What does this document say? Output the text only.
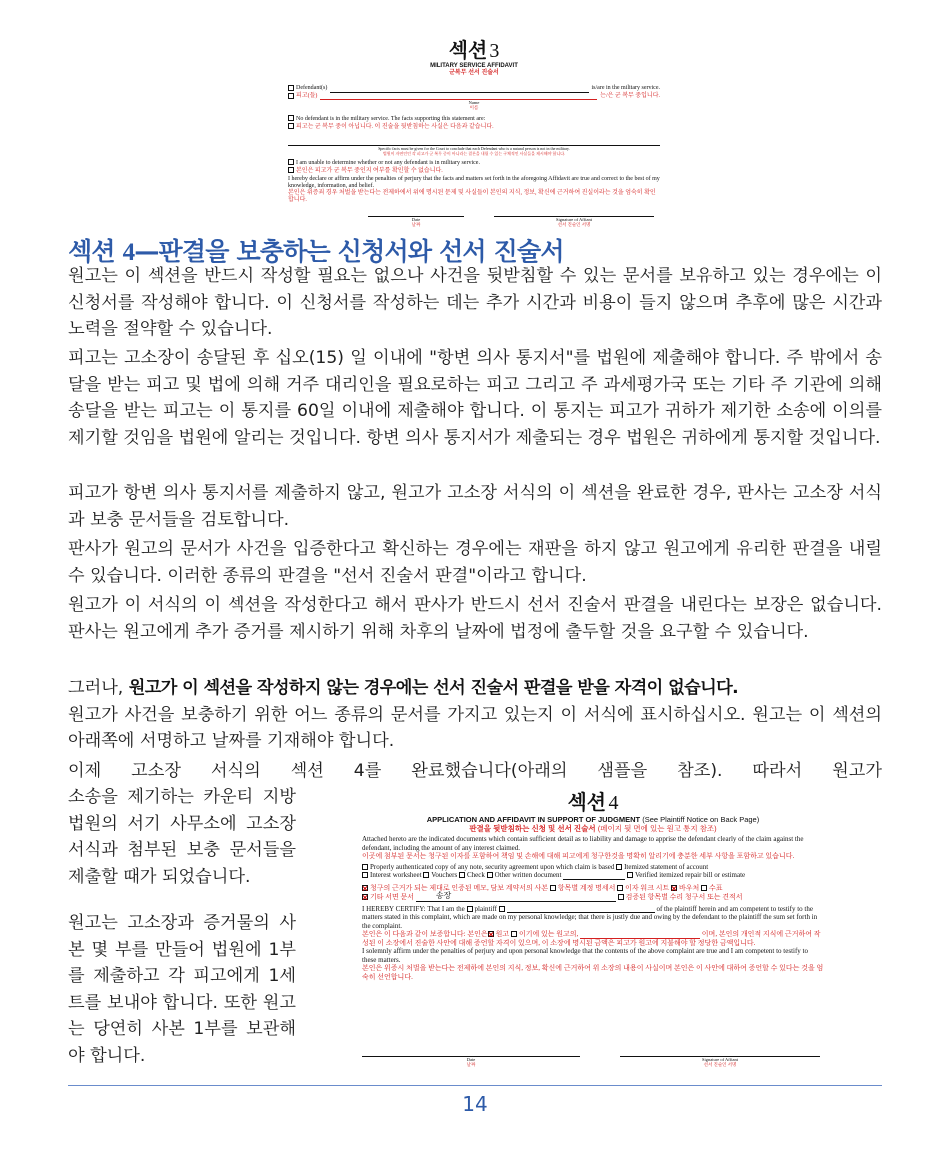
섹션 3
MILITARY SERVICE AFFIDAVIT
군복무 선서 진술서
Defendant(s)	is/are in the military service.
피고(들)	는/은 군 복무 중입니다.
Name
이름
No defendant is in the military service. The facts supporting this statement are:
피고는 군 복무 중이 아닙니다. 이 진술을 뒷받침하는 사실은 다음과 같습니다.
Specific facts must be given for the Court to conclude that each Defendant who is a natural person is not in the military.
법원이 자연인인 각 피고가 군 복무 중이 아니라는 결론을 내릴 수 있는 구체적인 사실들을 제시해야 합니다.
I am unable to determine whether or not any defendant is in military service.
본인은 피고가 군 복무 중인지 여부를 확인할 수 없습니다.
I hereby declare or affirm under the penalties of perjury that the facts and matters set forth in the aforegoing Affidavit are true and correct to the best of my knowledge, information, and belief.
본인은 위증죄 경우 처벌을 받는다는 전제하에서 위에 명시된 문제 및 사실들이 본인의 지식, 정보, 확신에 근거하여 진실이라는 것을 엄숙히 확인합니다.
Date
날짜
Signature of Affiant
선서 진술인 서명
섹션 4—판결을 보충하는 신청서와 선서 진술서
원고는 이 섹션을 반드시 작성할 필요는 없으나 사건을 뒷받침할 수 있는 문서를 보유하고 있는 경우에는 이 신청서를 작성해야 합니다. 이 신청서를 작성하는 데는 추가 시간과 비용이 들지 않으며 추후에 많은 시간과 노력을 절약할 수 있습니다.
피고는 고소장이 송달된 후 십오(15) 일 이내에 "항변 의사 통지서"를 법원에 제출해야 합니다. 주 밖에서 송달을 받는 피고 및 법에 의해 거주 대리인을 필요로하는 피고 그리고 주 과세평가국 또는 기타 주 기관에 의해 송달을 받는 피고는 이 통지를 60일 이내에 제출해야 합니다. 이 통지는 피고가 귀하가 제기한 소송에 이의를 제기할 것임을 법원에 알리는 것입니다. 항변 의사 통지서가 제출되는 경우 법원은 귀하에게 통지할 것입니다.
피고가 항변 의사 통지서를 제출하지 않고, 원고가 고소장 서식의 이 섹션을 완료한 경우, 판사는 고소장 서식과 보충 문서들을 검토합니다.
판사가 원고의 문서가 사건을 입증한다고 확신하는 경우에는 재판을 하지 않고 원고에게 유리한 판결을 내릴 수 있습니다. 이러한 종류의 판결을 "선서 진술서 판결"이라고 합니다.
원고가 이 서식의 이 섹션을 작성한다고 해서 판사가 반드시 선서 진술서 판결을 내린다는 보장은 없습니다. 판사는 원고에게 추가 증거를 제시하기 위해 차후의 날짜에 법정에 출두할 것을 요구할 수 있습니다.
그러나, 원고가 이 섹션을 작성하지 않는 경우에는 선서 진술서 판결을 받을 자격이 없습니다.
원고가 사건을 보충하기 위한 어느 종류의 문서를 가지고 있는지 이 서식에 표시하십시오. 원고는 이 섹션의 아래쪽에 서명하고 날짜를 기재해야 합니다.
이제 고소장 서식의 섹션 4를 완료했습니다(아래의 샘플을 참조). 따라서 원고가
소송을 제기하는 카운티 지방법원의 서기 사무소에 고소장 서식과 첨부된 보충 문서들을 제출할 때가 되었습니다.
원고는 고소장과 증거물의 사본 몇 부를 만들어 법원에 1부를 제출하고 각 피고에게 1세트를 보내야 합니다. 또한 원고는 당연히 사본 1부를 보관해야 합니다.
섹션 4
APPLICATION AND AFFIDAVIT IN SUPPORT OF JUDGMENT (See Plaintiff Notice on Back Page)
판결을 뒷받침하는 신청 및 선서 진술서 (페이지 뒷 면에 있는 원고 통지 참조)
Attached hereto are the indicated documents which contain sufficient detail as to liability and damage to apprise the defendant clearly of the claim against the defendant, including the amount of any interest claimed.
이곳에 첨부된 문서는 청구된 이자를 포함하여 책임 및 손해에 대해 피고에게 청구한것을 명확히 알리기에 충분한 세부 사항을 포함하고 있습니다.
Properly authenticated copy of any note, security agreement upon which claim is based Itemized statement of account
Interest worksheet Vouchers Check Other written document	Verified itemized repair bill or estimate
청구의 근거가 되는 제대로 인증된 메모, 담보 계약서의 사본 항목별 계정 명세서 이자 워크 시트 바우처 수표
기타 서면 문서	송장	검증된 항목별 수리 청구서 또는 견적서
I HEREBY CERTIFY: That I am the plaintiff	of the plaintiff herein and am competent to testify to the matters stated in this complaint, which are made on my personal knowledge; that there is justly due and owing by the defendant to the plaintiff the sum set forth in the complaint.
본인은 이 다음과 같이 보증합니다: 본인은 원고 이기에 있는 원고의,	이며, 본인의 개인적 지식에 근거하여 작성된 이 소장에서 진술한 사안에 대해 증언할 자격이 있으며, 이 소장에 명시된 금액은 피고가 원고에 지불해야 할 정당한 금액입니다.
I solemnly affirm under the penalties of perjury and upon personal knowledge that the contents of the above complaint are true and I am competent to testify to these matters.
본인은 위증시 처벌을 받는다는 전제하에 본인의 지식, 정보, 확신에 근거하여 위 소장의 내용이 사실이며 본인은 이 사안에 대하여 증언할 수 있다는 것을 엄숙히 선언합니다.
Date
날짜
Signature of Affiant
선서 진술인 서명
14
